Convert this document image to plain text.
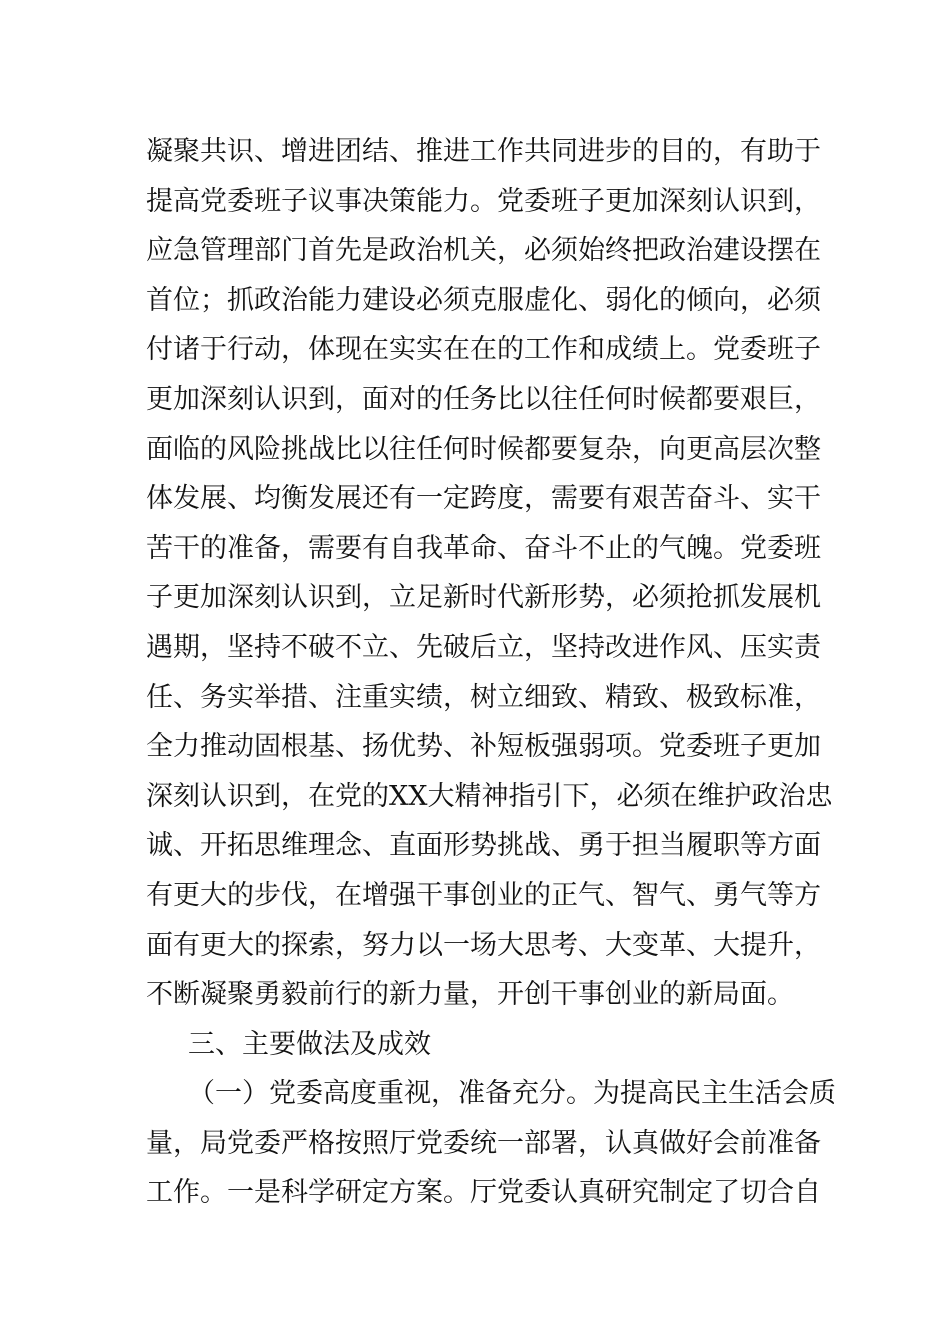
凝聚共识、增进团结、推进工作共同进步的目的，有助于
提高党委班子议事决策能力。党委班子更加深刻认识到，
应急管理部门首先是政治机关，必须始终把政治建设摆在
首位；抓政治能力建设必须克服虚化、弱化的倾向，必须
付诸于行动，体现在实实在在的工作和成绩上。党委班子
更加深刻认识到，面对的任务比以往任何时候都要艰巨，
面临的风险挑战比以往任何时候都要复杂，向更高层次整
体发展、均衡发展还有一定跨度，需要有艰苦奋斗、实干
苦干的准备，需要有自我革命、奋斗不止的气魄。党委班
子更加深刻认识到，立足新时代新形势，必须抢抓发展机
遇期，坚持不破不立、先破后立，坚持改进作风、压实责
任、务实举措、注重实绩，树立细致、精致、极致标准，
全力推动固根基、扬优势、补短板强弱项。党委班子更加
深刻认识到，在党的XX大精神指引下，必须在维护政治忠
诚、开拓思维理念、直面形势挑战、勇于担当履职等方面
有更大的步伐，在增强干事创业的正气、智气、勇气等方
面有更大的探索，努力以一场大思考、大变革、大提升，
不断凝聚勇毅前行的新力量，开创干事创业的新局面。
三、主要做法及成效
（一）党委高度重视，准备充分。为提高民主生活会质
量，局党委严格按照厅党委统一部署，认真做好会前准备
工作。一是科学研定方案。厅党委认真研究制定了切合自
